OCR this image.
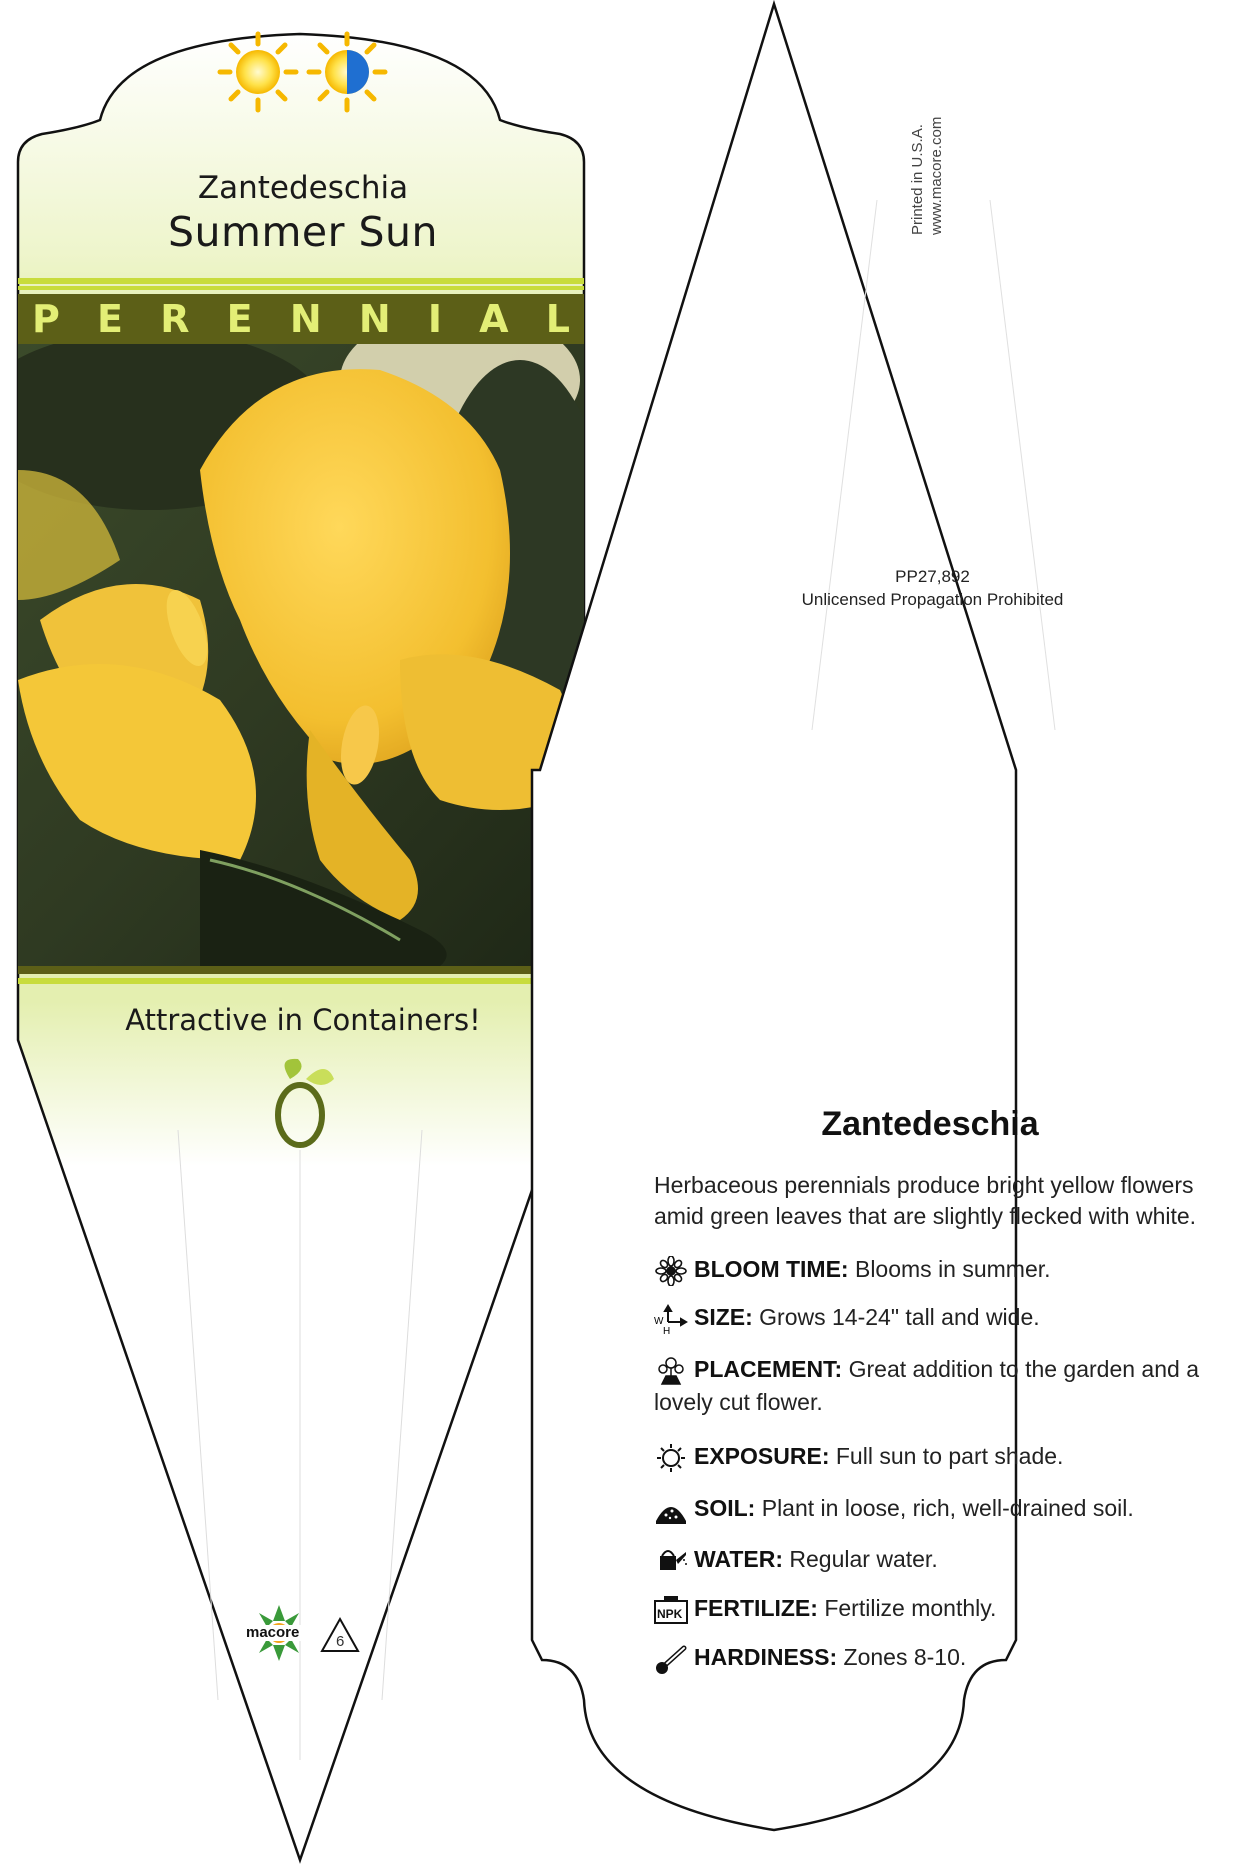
Zantedeschia
Summer Sun
P E R E N N I A L
Attractive in Containers!
macore
6
Printed in U.S.A. www.macore.com
PP27,892
Unlicensed Propagation Prohibited
Zantedeschia
Herbaceous perennials produce bright yellow flowers amid green leaves that are slightly flecked with white.
BLOOM TIME: Blooms in summer.
W
H
SIZE: Grows 14-24" tall and wide.
PLACEMENT: Great addition to the garden and a lovely cut flower.
EXPOSURE: Full sun to part shade.
SOIL: Plant in loose, rich, well-drained soil.
WATER: Regular water.
NPK FERTILIZE: Fertilize monthly.
HARDINESS: Zones 8-10.
